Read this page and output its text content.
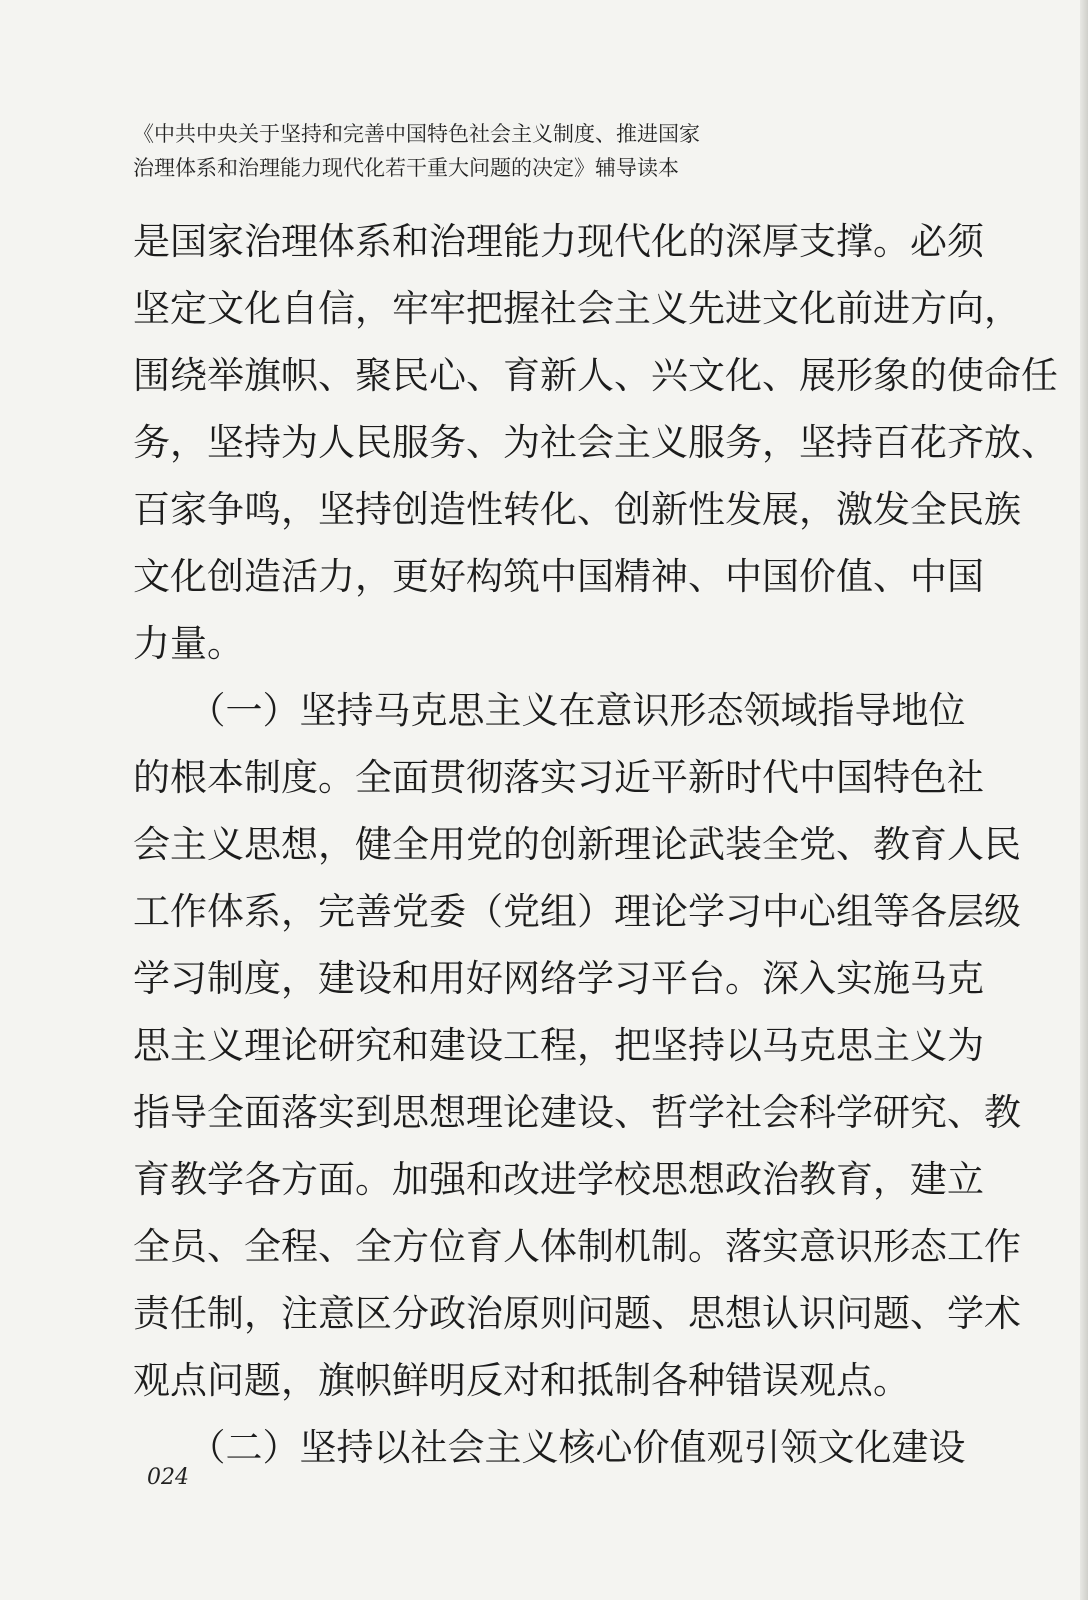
《中共中央关于坚持和完善中国特色社会主义制度、推进国家
治理体系和治理能力现代化若干重大问题的决定》辅导读本
是国家治理体系和治理能力现代化的深厚支撑。必须
坚定文化自信，牢牢把握社会主义先进文化前进方向，
围绕举旗帜、聚民心、育新人、兴文化、展形象的使命任
务，坚持为人民服务、为社会主义服务，坚持百花齐放、
百家争鸣，坚持创造性转化、创新性发展，激发全民族
文化创造活力，更好构筑中国精神、中国价值、中国
力量。
　　（一）坚持马克思主义在意识形态领域指导地位
的根本制度。全面贯彻落实习近平新时代中国特色社
会主义思想，健全用党的创新理论武装全党、教育人民
工作体系，完善党委（党组）理论学习中心组等各层级
学习制度，建设和用好网络学习平台。深入实施马克
思主义理论研究和建设工程，把坚持以马克思主义为
指导全面落实到思想理论建设、哲学社会科学研究、教
育教学各方面。加强和改进学校思想政治教育，建立
全员、全程、全方位育人体制机制。落实意识形态工作
责任制，注意区分政治原则问题、思想认识问题、学术
观点问题，旗帜鲜明反对和抵制各种错误观点。
　　（二）坚持以社会主义核心价值观引领文化建设
024
